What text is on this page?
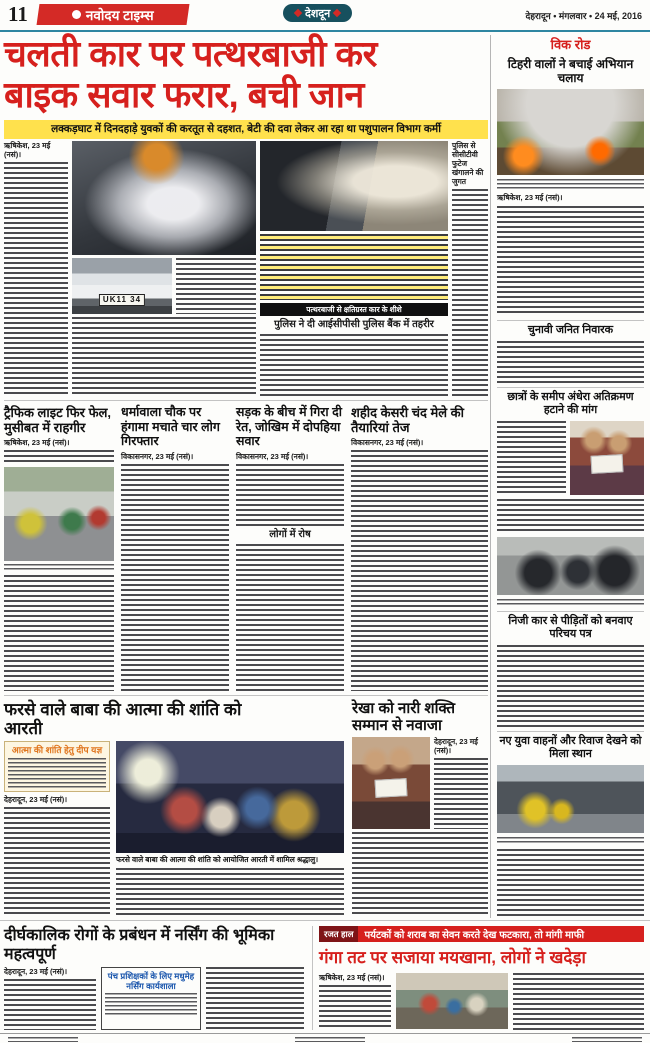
11	नवोदय टाइम्स	देशदून	देहरादून • मंगलवार • 24 मई, 2016
चलती कार पर पत्थरबाजी कर
बाइक सवार फरार, बची जान
लक्कड़घाट में दिनदहाड़े युवकों की करतूत से दहशत, बेटी की दवा लेकर आ रहा था पशुपालन विभाग कर्मी
ऋषिकेश, 23 मई (नसं)।
UK11 34
पत्थरबाजी से क्षतिग्रस्त कार के शीशे
पुलिस ने दी आईसीपीसी पुलिस बैंक में तहरीर
पुलिस से सीसीटीवी फुटेज खंगालने की जुगत
विक रोड
टिहरी वालों ने बचाई अभियान चलाय
ऋषिकेश, 23 मई (नसं)।
चुनावी जनित निवारक
छात्रों के समीप अंधेरा अतिक्रमण हटाने की मांग
निजी कार से पीड़ितों को बनवाए परिचय पत्र
नए युवा वाहनों और रिवाज देखने को मिला स्थान
ट्रैफिक लाइट फिर फेल, मुसीबत में राहगीर
ऋषिकेश, 23 मई (नसं)।
धर्मावाला चौक पर हंगामा मचाते चार लोग गिरफ्तार
विकासनगर, 23 मई (नसं)।
सड़क के बीच में गिरा दी रेत, जोखिम में दोपहिया सवार
विकासनगर, 23 मई (नसं)।
लोगों में रोष
शहीद केसरी चंद मेले की तैयारियां तेज
विकासनगर, 23 मई (नसं)।
फरसे वाले बाबा की आत्मा की शांति को आरती
आत्मा की शांति हेतु दीप यज्ञ
देहरादून, 23 मई (नसं)।
फरसे वाले बाबा की आत्मा की शांति को आयोजित आरती में शामिल श्रद्धालु।
रेखा को नारी शक्ति सम्मान से नवाजा
देहरादून, 23 मई (नसं)।
दीर्घकालिक रोगों के प्रबंधन में नर्सिंग की भूमिका महत्वपूर्ण
देहरादून, 23 मई (नसं)।	पंच प्रशिक्षकों के लिए मधुमेह नर्सिंग कार्यशाला
रजत हाल	पर्यटकों को शराब का सेवन करते देख फटकारा, तो मांगी माफी
गंगा तट पर सजाया मयखाना, लोगों ने खदेड़ा
ऋषिकेश, 23 मई (नसं)।
